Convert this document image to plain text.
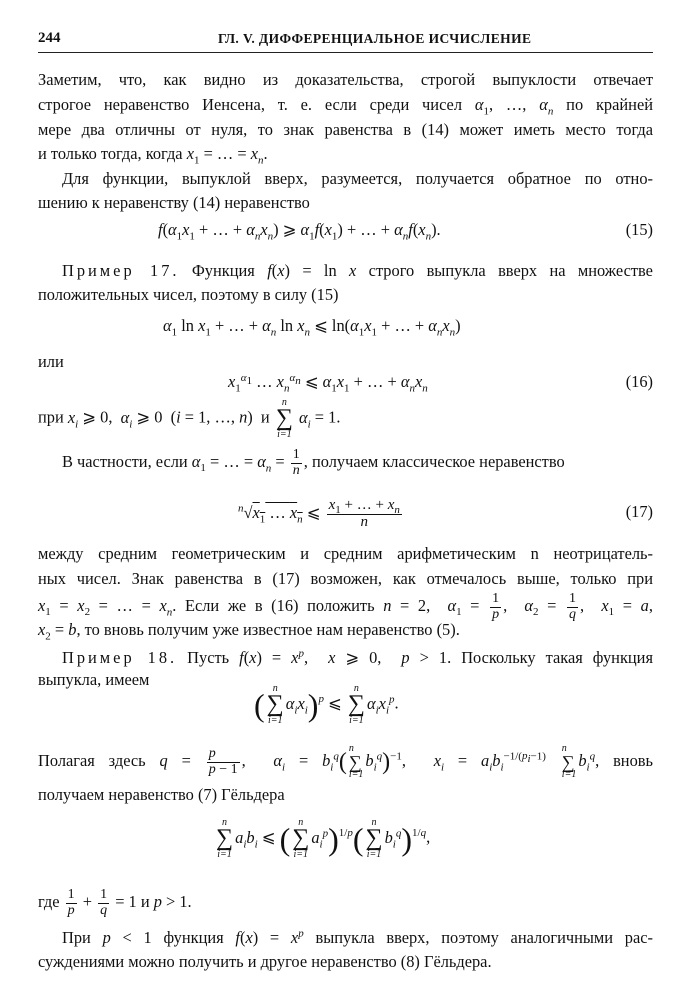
244	ГЛ. V. ДИФФЕРЕНЦИАЛЬНОЕ ИСЧИСЛЕНИЕ
Заметим, что, как видно из доказательства, строгой выпуклости отвечает
строгое неравенство Иенсена, т. е. если среди чисел $\alpha_1$, …, $\alpha_n$ по крайней
мере два отличны от нуля, то знак равенства в (14) может иметь место тогда
и только тогда, когда $x_1$ = … = $x_n$.
Для функции, выпуклой вверх, разумеется, получается обратное по отно-
шению к неравенству (14) неравенство
$f(\alpha_1x_1$ + … + $\alpha_nx_n$) ⩾ $\alpha_1f(x_1)$ + … + $\alpha_nf(x_n)$.	(15)
Пример 17. Функция f(x) = ln x строго выпукла вверх на множестве
положительных чисел, поэтому в силу (15)
$\alpha_1$ $\ln x_1$ + … + $\alpha_n$ $\ln x_n$ ⩽ $\ln(\alpha_1x_1$ + … + $\alpha_nx_n$)
или
$x_1^{\alpha_1}$ … $x_n^{\alpha_n}$ ⩽ $\alpha_1x_1$ + … + $\alpha_nx_n$	(16)
при $x_i$ ⩾ 0,  $\alpha_i$ ⩾ 0  (i = 1, …, n)  и
n
∑
i=1
$\alpha_i = 1$.
В частности, если $\alpha_1$ = … = $\alpha_n = \frac{1}{n}$ , получаем классическое неравенство
$^n√x_1$ … $x_n$ ⩽ $\frac{x_1 + \dots + x_n}{n}$	(17)
между средним геометрическим и средним арифметическим n неотрицатель-
ных чисел. Знак равенства в (17) возможен, как отмечалось выше, только при
$x_1 = x_2$ = … = $x_n$. Если же в (16) положить n = 2,  $\alpha_1 = \frac{1}{p}$ ,  $\alpha_2 = \frac{1}{q}$ ,  $x_1 = a$,
$x_2 = b$, то вновь получим уже известное нам неравенство (5).
Пример 18. Пусть $f(x) = x^p$,  x ⩾ 0,  p > 1. Поскольку такая функция
выпукла, имеем
( n
∑
i=1
$\alpha_ix_i)^p$ ⩽
n
∑
i=1
$\alpha_ix_i^p$.
Полагая здесь $q = \frac{p}{p - 1}$ ,  $\alpha_i = b_i^q$(
n
∑
i=1
$b_i^q)^{-1}$,  $x_i = a_ib_i^{-1/(p_i-1)}$
n
∑
i=1
$b_i^q$, вновь
получаем неравенство (7) Гёльдера
n
∑
i=1
$a_ib_i$ ⩽ ( n
∑
i=1
$a_i^p)^{1/p}$( n
∑
i=1
$b_i^q)^{1/q}$,
где $\frac{1}{p} + \frac{1}{q} = 1$ и p > 1.
При p < 1 функция $f(x) = x^p$ выпукла вверх, поэтому аналогичными рас-
суждениями можно получить и другое неравенство (8) Гёльдера.
